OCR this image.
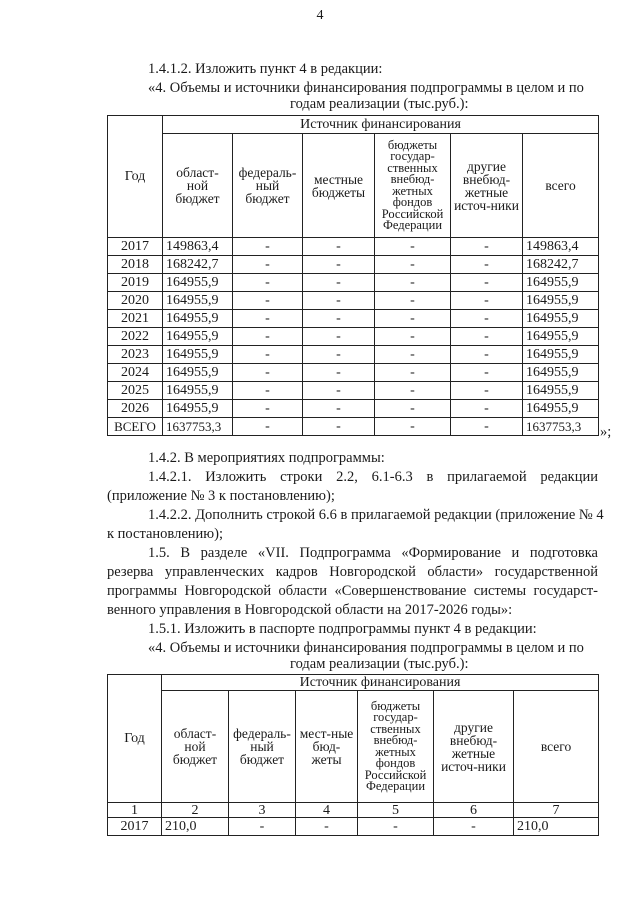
4
1.4.1.2. Изложить пункт 4 в редакции:
«4. Объемы и источники финансирования подпрограммы в целом и по
годам реализации (тыс.руб.):
Год	Источник финансирования					
	област-ной бюджет	федераль-ный бюджет	местные бюджеты	бюджеты государ-ственных внебюд-жетных фондов Российской Федерации	другие внебюд-жетные источ-ники	всего
2017	149863,4	-	-	-	-	149863,4
2018	168242,7	-	-	-	-	168242,7
2019	164955,9	-	-	-	-	164955,9
2020	164955,9	-	-	-	-	164955,9
2021	164955,9	-	-	-	-	164955,9
2022	164955,9	-	-	-	-	164955,9
2023	164955,9	-	-	-	-	164955,9
2024	164955,9	-	-	-	-	164955,9
2025	164955,9	-	-	-	-	164955,9
2026	164955,9	-	-	-	-	164955,9
ВСЕГО	1637753,3	-	-	-	-	1637753,3 »;
1.4.2. В мероприятиях подпрограммы:
1.4.2.1. Изложить строки 2.2, 6.1-6.3 в прилагаемой редакции
(приложение № 3 к постановлению);
1.4.2.2. Дополнить строкой 6.6 в прилагаемой редакции (приложение № 4
к постановлению);
1.5. В разделе «VII. Подпрограмма «Формирование и подготовка
резерва управленческих кадров Новгородской области» государственной
программы Новгородской области «Совершенствование системы государст-
венного управления в Новгородской области на 2017-2026 годы»:
1.5.1. Изложить в паспорте подпрограммы пункт 4 в редакции:
«4. Объемы и источники финансирования подпрограммы в целом и по
годам реализации (тыс.руб.):
Год	Источник финансирования					
	област-ной бюджет	федераль-ный бюджет	мест-ные бюд-жеты	бюджеты государ-ственных внебюд-жетных фондов Российской Федерации	другие внебюд-жетные источ-ники	всего
1	2	3	4	5	6	7
2017	210,0	-	-	-	-	210,0
